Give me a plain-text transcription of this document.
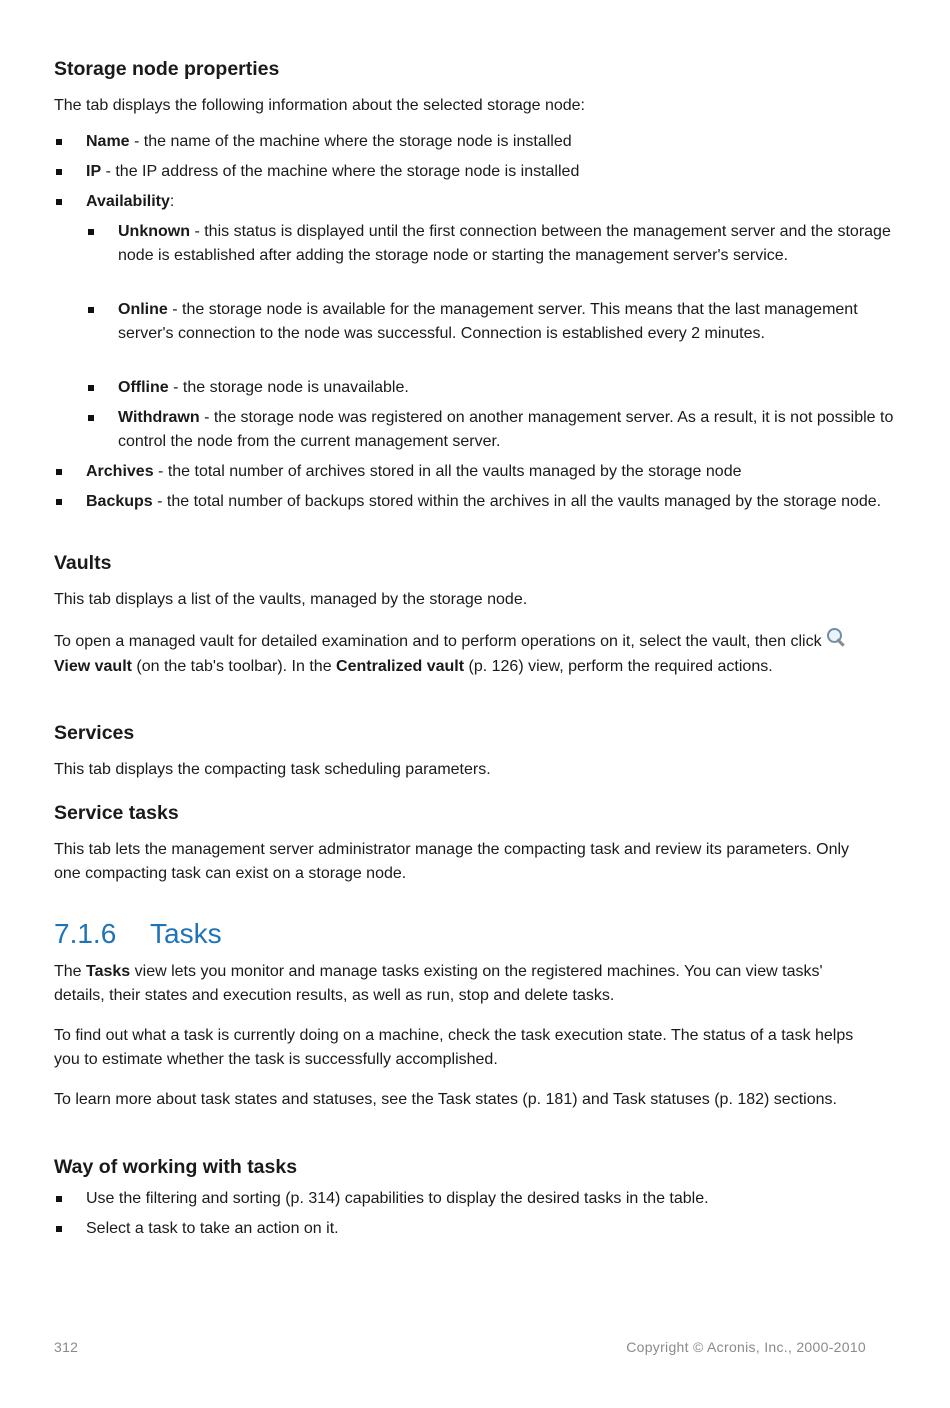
Storage node properties
The tab displays the following information about the selected storage node:
Name - the name of the machine where the storage node is installed
IP - the IP address of the machine where the storage node is installed
Availability:
Unknown - this status is displayed until the first connection between the management server and the storage node is established after adding the storage node or starting the management server's service.
Online - the storage node is available for the management server. This means that the last management server's connection to the node was successful. Connection is established every 2 minutes.
Offline - the storage node is unavailable.
Withdrawn - the storage node was registered on another management server. As a result, it is not possible to control the node from the current management server.
Archives - the total number of archives stored in all the vaults managed by the storage node
Backups - the total number of backups stored within the archives in all the vaults managed by the storage node.
Vaults
This tab displays a list of the vaults, managed by the storage node.
To open a managed vault for detailed examination and to perform operations on it, select the vault, then click View vault (on the tab's toolbar). In the Centralized vault (p. 126) view, perform the required actions.
Services
This tab displays the compacting task scheduling parameters.
Service tasks
This tab lets the management server administrator manage the compacting task and review its parameters. Only one compacting task can exist on a storage node.
7.1.6 Tasks
The Tasks view lets you monitor and manage tasks existing on the registered machines. You can view tasks' details, their states and execution results, as well as run, stop and delete tasks.
To find out what a task is currently doing on a machine, check the task execution state. The status of a task helps you to estimate whether the task is successfully accomplished.
To learn more about task states and statuses, see the Task states (p. 181) and Task statuses (p. 182) sections.
Way of working with tasks
Use the filtering and sorting (p. 314) capabilities to display the desired tasks in the table.
Select a task to take an action on it.
312	Copyright © Acronis, Inc., 2000-2010
